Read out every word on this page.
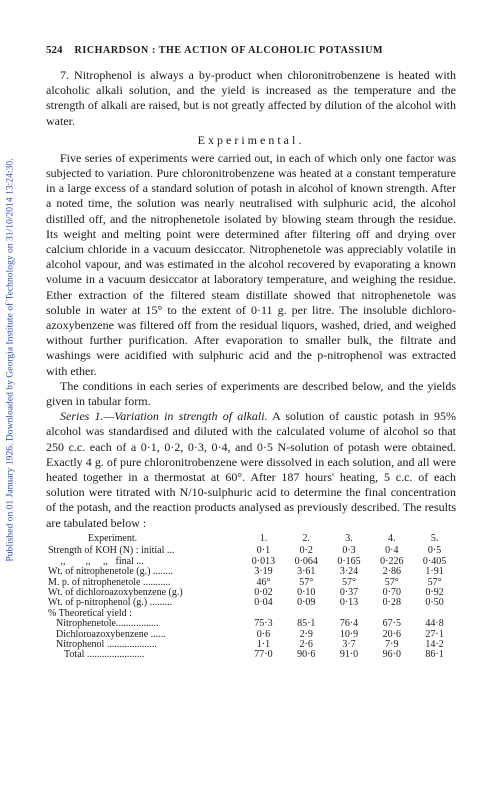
Published on 01 January 1926. Downloaded by Georgia Institute of Technology on 31/10/2014 13:24:30.
524 RICHARDSON : THE ACTION OF ALCOHOLIC POTASSIUM

7. Nitrophenol is always a by-product when chloronitrobenzene is heated with alcoholic alkali solution, and the yield is increased as the temperature and the strength of alkali are raised, but is not greatly affected by dilution of the alcohol with water.

Experimental.

Five series of experiments were carried out, in each of which only one factor was subjected to variation. Pure chloronitrobenzene was heated at a constant temperature in a large excess of a standard solution of potash in alcohol of known strength. After a noted time, the solution was nearly neutralised with sulphuric acid, the alcohol distilled off, and the nitrophenetole isolated by blowing steam through the residue. Its weight and melting point were determined after filtering off and drying over calcium chloride in a vacuum desiccator. Nitrophenetole was appreciably volatile in alcohol vapour, and was estimated in the alcohol recovered by evaporating a known volume in a vacuum desiccator at laboratory temperature, and weighing the residue. Ether extraction of the filtered steam distillate showed that nitrophenetole was soluble in water at 15° to the extent of 0·11 g. per litre. The insoluble dichloro-azoxybenzene was filtered off from the residual liquors, washed, dried, and weighed without further purification. After evaporation to smaller bulk, the filtrate and washings were acidified with sulphuric acid and the p-nitrophenol was extracted with ether.

The conditions in each series of experiments are described below, and the yields given in tabular form.

Series 1.—Variation in strength of alkali. A solution of caustic potash in 95% alcohol was standardised and diluted with the calculated volume of alcohol so that 250 c.c. each of a 0·1, 0·2, 0·3, 0·4, and 0·5 N-solution of potash were obtained. Exactly 4 g. of pure chloronitrobenzene were dissolved in each solution, and all were heated together in a thermostat at 60°. After 187 hours' heating, 5 c.c. of each solution were titrated with N/10-sulphuric acid to determine the final concentration of the potash, and the reaction products analysed as previously described. The results are tabulated below :

Experiment.	1.	2.	3.	4.	5.
Strength of KOH (N) : initial ...	0·1	0·2	0·3	0·4	0·5
,,        ,,     ,,   final ...	0·013	0·064	0·165	0·226	0·405
Wt. of nitrophenetole (g.) ........	3·19	3·61	3·24	2·86	1·91
M. p. of nitrophenetole ...........	46°	57°	57°	57°	57°
Wt. of dichloroazoxybenzene (g.)	0·02	0·10	0·37	0·70	0·92
Wt. of p-nitrophenol (g.) .........	0·04	0·09	0·13	0·28	0·50
% Theoretical yield :					
Nitrophenetole.................	75·3	85·1	76·4	67·5	44·8
Dichloroazoxybenzene ......	0·6	2·9	10·9	20·6	27·1
Nitrophenol ....................	1·1	2·6	3·7	7·9	14·2
Total .......................	77·0	90·6	91·0	96·0	86·1
